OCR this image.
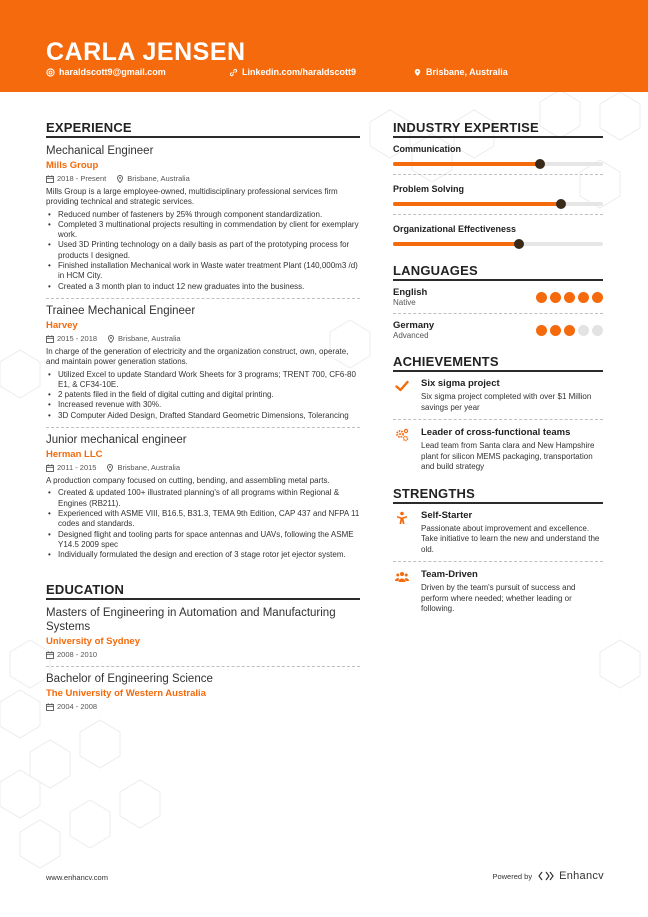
CARLA JENSEN
haraldscott9@gmail.com	Linkedin.com/haraldscott9	Brisbane, Australia
EXPERIENCE
Mechanical Engineer
Mills Group
2018 - Present	Brisbane, Australia
Mills Group is a large employee-owned, multidisciplinary professional services firm providing technical and strategic services.
• Reduced number of fasteners by 25% through component standardization.
• Completed 3 multinational projects resulting in commendation by client for exemplary work.
• Used 3D Printing technology on a daily basis as part of the prototyping process for products I designed.
• Finished installation Mechanical work in Waste water treatment Plant (140,000m3 /d) in HCM City.
• Created a 3 month plan to induct 12 new graduates into the business.
Trainee Mechanical Engineer
Harvey
2015 - 2018	Brisbane, Australia
In charge of the generation of electricity and the organization construct, own, operate, and maintain power generation stations.
• Utilized Excel to update Standard Work Sheets for 3 programs; TRENT 700, CF6-80 E1, & CF34-10E.
• 2 patents filed in the field of digital cutting and digital printing.
• Increased revenue with 30%.
• 3D Computer Aided Design, Drafted Standard Geometric Dimensions, Tolerancing
Junior mechanical engineer
Herman LLC
2011 - 2015	Brisbane, Australia
A production company focused on cutting, bending, and assembling metal parts.
• Created & updated 100+ illustrated planning's of all programs within Regional & Engines (RB211).
• Experienced with ASME VIII, B16.5, B31.3, TEMA 9th Edition, CAP 437 and NFPA 11 codes and standards.
• Designed flight and tooling parts for space antennas and UAVs, following the ASME Y14.5 2009 spec
• Individually formulated the design and erection of 3 stage rotor jet ejector system.
EDUCATION
Masters of Engineering in Automation and Manufacturing Systems
University of Sydney
2008 - 2010
Bachelor of Engineering Science
The University of Western Australia
2004 - 2008
INDUSTRY EXPERTISE
Communication
Problem Solving
Organizational Effectiveness
LANGUAGES
English
Native
Germany
Advanced
ACHIEVEMENTS
Six sigma project
Six sigma project completed with over $1 Million savings per year
Leader of cross-functional teams
Lead team from Santa clara and New Hampshire plant for silicon MEMS packaging, transportation and build strategy
STRENGTHS
Self-Starter
Passionate about improvement and excellence. Take initiative to learn the new and understand the old.
Team-Driven
Driven by the team's pursuit of success and perform where needed; whether leading or following.
www.enhancv.com	Powered by Enhancv
